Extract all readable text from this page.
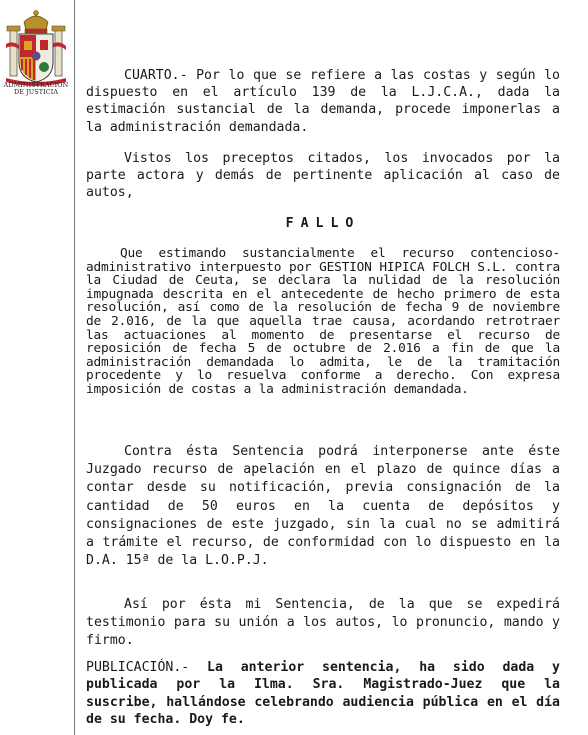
ADMINISTRACION
DE JUSTICIA
CUARTO.- Por lo que se refiere a las costas y según lo dispuesto en el artículo 139 de la L.J.C.A., dada la estimación sustancial de la demanda, procede imponerlas a la administración demandada.
Vistos los preceptos citados, los invocados por la parte actora y demás de pertinente aplicación al caso de autos,
FALLO
Que estimando sustancialmente el recurso contencioso-administrativo interpuesto por GESTION HIPICA FOLCH S.L. contra la Ciudad de Ceuta, se declara la nulidad de la resolución impugnada descrita en el antecedente de hecho primero de esta resolución, así como de la resolución de fecha 9 de noviembre de 2.016, de la que aquella trae causa, acordando retrotraer las actuaciones al momento de presentarse el recurso de reposición de fecha 5 de octubre de 2.016 a fin de que la administración demandada lo admita, le de la tramitación procedente y lo resuelva conforme a derecho. Con expresa imposición de costas a la administración demandada.
Contra ésta Sentencia podrá interponerse ante éste Juzgado recurso de apelación en el plazo de quince días a contar desde su notificación, previa consignación de la cantidad de 50 euros en la cuenta de depósitos y consignaciones de este juzgado, sin la cual no se admitirá a trámite el recurso, de conformidad con lo dispuesto en la D.A. 15ª de la L.O.P.J.
Así por ésta mi Sentencia, de la que se expedirá testimonio para su unión a los autos, lo pronuncio, mando y firmo.
PUBLICACIÓN.- La anterior sentencia, ha sido dada y publicada por la Ilma. Sra. Magistrado-Juez que la suscribe, hallándose celebrando audiencia pública en el día de su fecha. Doy fe.
